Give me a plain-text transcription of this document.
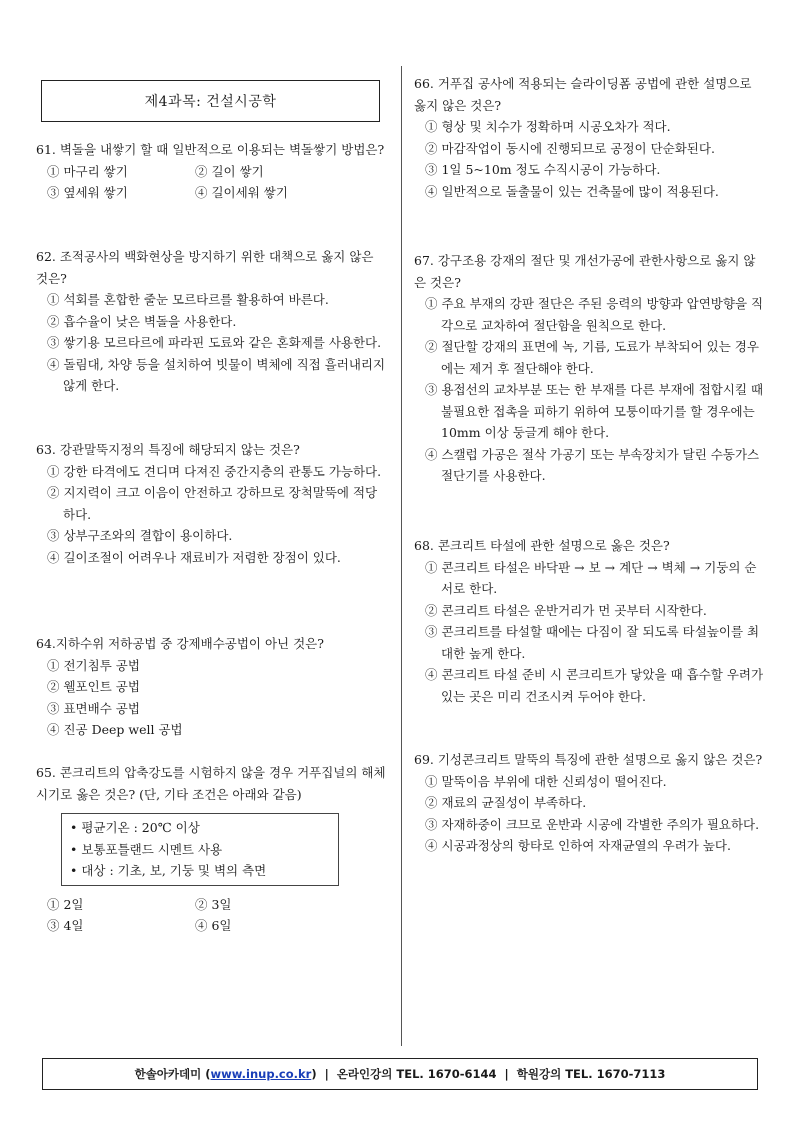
제4과목: 건설시공학
61. 벽돌을 내쌓기 할 때 일반적으로 이용되는 벽돌쌓기 방법은?
① 마구리 쌓기	② 길이 쌓기
③ 옆세워 쌓기	④ 길이세워 쌓기
62. 조적공사의 백화현상을 방지하기 위한 대책으로 옳지 않은 것은?
① 석회를 혼합한 줄눈 모르타르를 활용하여 바른다.
② 흡수율이 낮은 벽돌을 사용한다.
③ 쌓기용 모르타르에 파라핀 도료와 같은 혼화제를 사용한다.
④ 돌림대, 차양 등을 설치하여 빗물이 벽체에 직접 흘러내리지 않게 한다.
63. 강관말뚝지정의 특징에 해당되지 않는 것은?
① 강한 타격에도 견디며 다져진 중간지층의 관통도 가능하다.
② 지지력이 크고 이음이 안전하고 강하므로 장척말뚝에 적당하다.
③ 상부구조와의 결합이 용이하다.
④ 길이조절이 어려우나 재료비가 저렴한 장점이 있다.
64.지하수위 저하공법 중 강제배수공법이 아닌 것은?
① 전기침투 공법
② 웰포인트 공법
③ 표면배수 공법
④ 진공 Deep well 공법
65. 콘크리트의 압축강도를 시험하지 않을 경우 거푸집널의 해체시기로 옳은 것은? (단, 기타 조건은 아래와 같음)
• 평균기온 : 20℃ 이상
• 보통포틀랜드 시멘트 사용
• 대상 : 기초, 보, 기둥 및 벽의 측면
① 2일	② 3일
③ 4일	④ 6일
66. 거푸집 공사에 적용되는 슬라이딩폼 공법에 관한 설명으로 옳지 않은 것은?
① 형상 및 치수가 정확하며 시공오차가 적다.
② 마감작업이 동시에 진행되므로 공정이 단순화된다.
③ 1일 5~10m 정도 수직시공이 가능하다.
④ 일반적으로 돌출물이 있는 건축물에 많이 적용된다.
67. 강구조용 강재의 절단 및 개선가공에 관한사항으로 옳지 않은 것은?
① 주요 부재의 강판 절단은 주된 응력의 방향과 압연방향을 직각으로 교차하여 절단함을 원칙으로 한다.
② 절단할 강재의 표면에 녹, 기름, 도료가 부착되어 있는 경우에는 제거 후 절단해야 한다.
③ 용접선의 교차부분 또는 한 부재를 다른 부재에 접합시킬 때 불필요한 접촉을 피하기 위하여 모퉁이따기를 할 경우에는 10mm 이상 둥글게 해야 한다.
④ 스캘럽 가공은 절삭 가공기 또는 부속장치가 달린 수동가스 절단기를 사용한다.
68. 콘크리트 타설에 관한 설명으로 옳은 것은?
① 콘크리트 타설은 바닥판 → 보 → 계단 → 벽체 → 기둥의 순서로 한다.
② 콘크리트 타설은 운반거리가 먼 곳부터 시작한다.
③ 콘크리트를 타설할 때에는 다짐이 잘 되도록 타설높이를 최대한 높게 한다.
④ 콘크리트 타설 준비 시 콘크리트가 닿았을 때 흡수할 우려가 있는 곳은 미리 건조시켜 두어야 한다.
69. 기성콘크리트 말뚝의 특징에 관한 설명으로 옳지 않은 것은?
① 말뚝이음 부위에 대한 신뢰성이 떨어진다.
② 재료의 균질성이 부족하다.
③ 자재하중이 크므로 운반과 시공에 각별한 주의가 필요하다.
④ 시공과정상의 항타로 인하여 자재균열의 우려가 높다.
한솔아카데미 ( www.inup.co.kr )  |  온라인강의 TEL. 1670-6144  |  학원강의 TEL. 1670-7113
